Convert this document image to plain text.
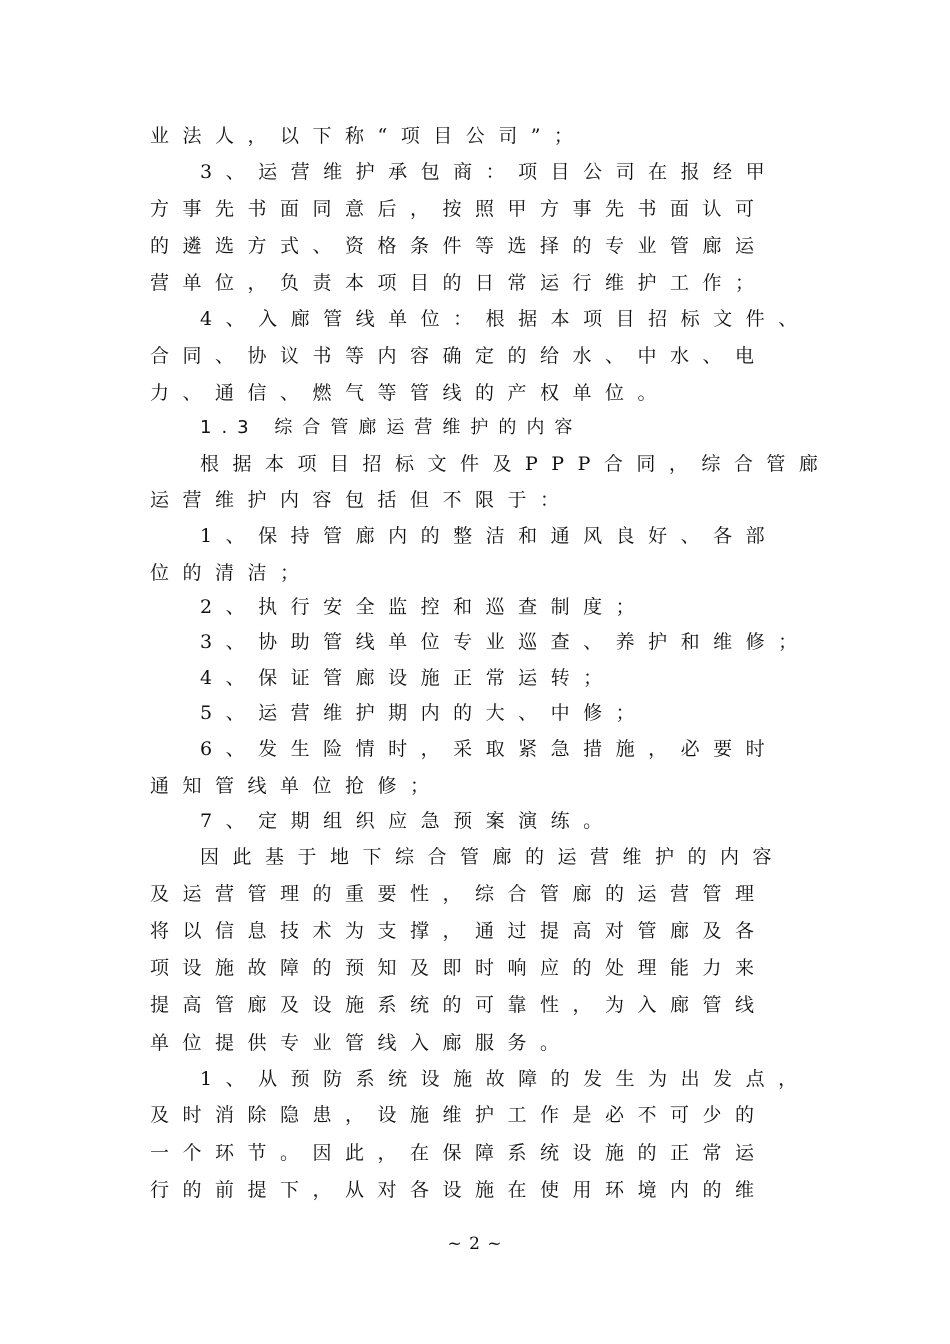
业法人，以下称“项目公司”；
3、运营维护承包商：项目公司在报经甲
方事先书面同意后，按照甲方事先书面认可
的遴选方式、资格条件等选择的专业管廊运
营单位，负责本项目的日常运行维护工作；
4、入廊管线单位：根据本项目招标文件、
合同、协议书等内容确定的给水、中水、电
力、通信、燃气等管线的产权单位。
1.3 综合管廊运营维护的内容
根据本项目招标文件及PPP合同，综合管廊
运营维护内容包括但不限于：
1、保持管廊内的整洁和通风良好、各部
位的清洁；
2、执行安全监控和巡查制度；
3、协助管线单位专业巡查、养护和维修；
4、保证管廊设施正常运转；
5、运营维护期内的大、中修；
6、发生险情时，采取紧急措施，必要时
通知管线单位抢修；
7、定期组织应急预案演练。
因此基于地下综合管廊的运营维护的内容
及运营管理的重要性，综合管廊的运营管理
将以信息技术为支撑，通过提高对管廊及各
项设施故障的预知及即时响应的处理能力来
提高管廊及设施系统的可靠性，为入廊管线
单位提供专业管线入廊服务。
1、从预防系统设施故障的发生为出发点，
及时消除隐患，设施维护工作是必不可少的
一个环节。因此，在保障系统设施的正常运
行的前提下，从对各设施在使用环境内的维
~ 2 ~
